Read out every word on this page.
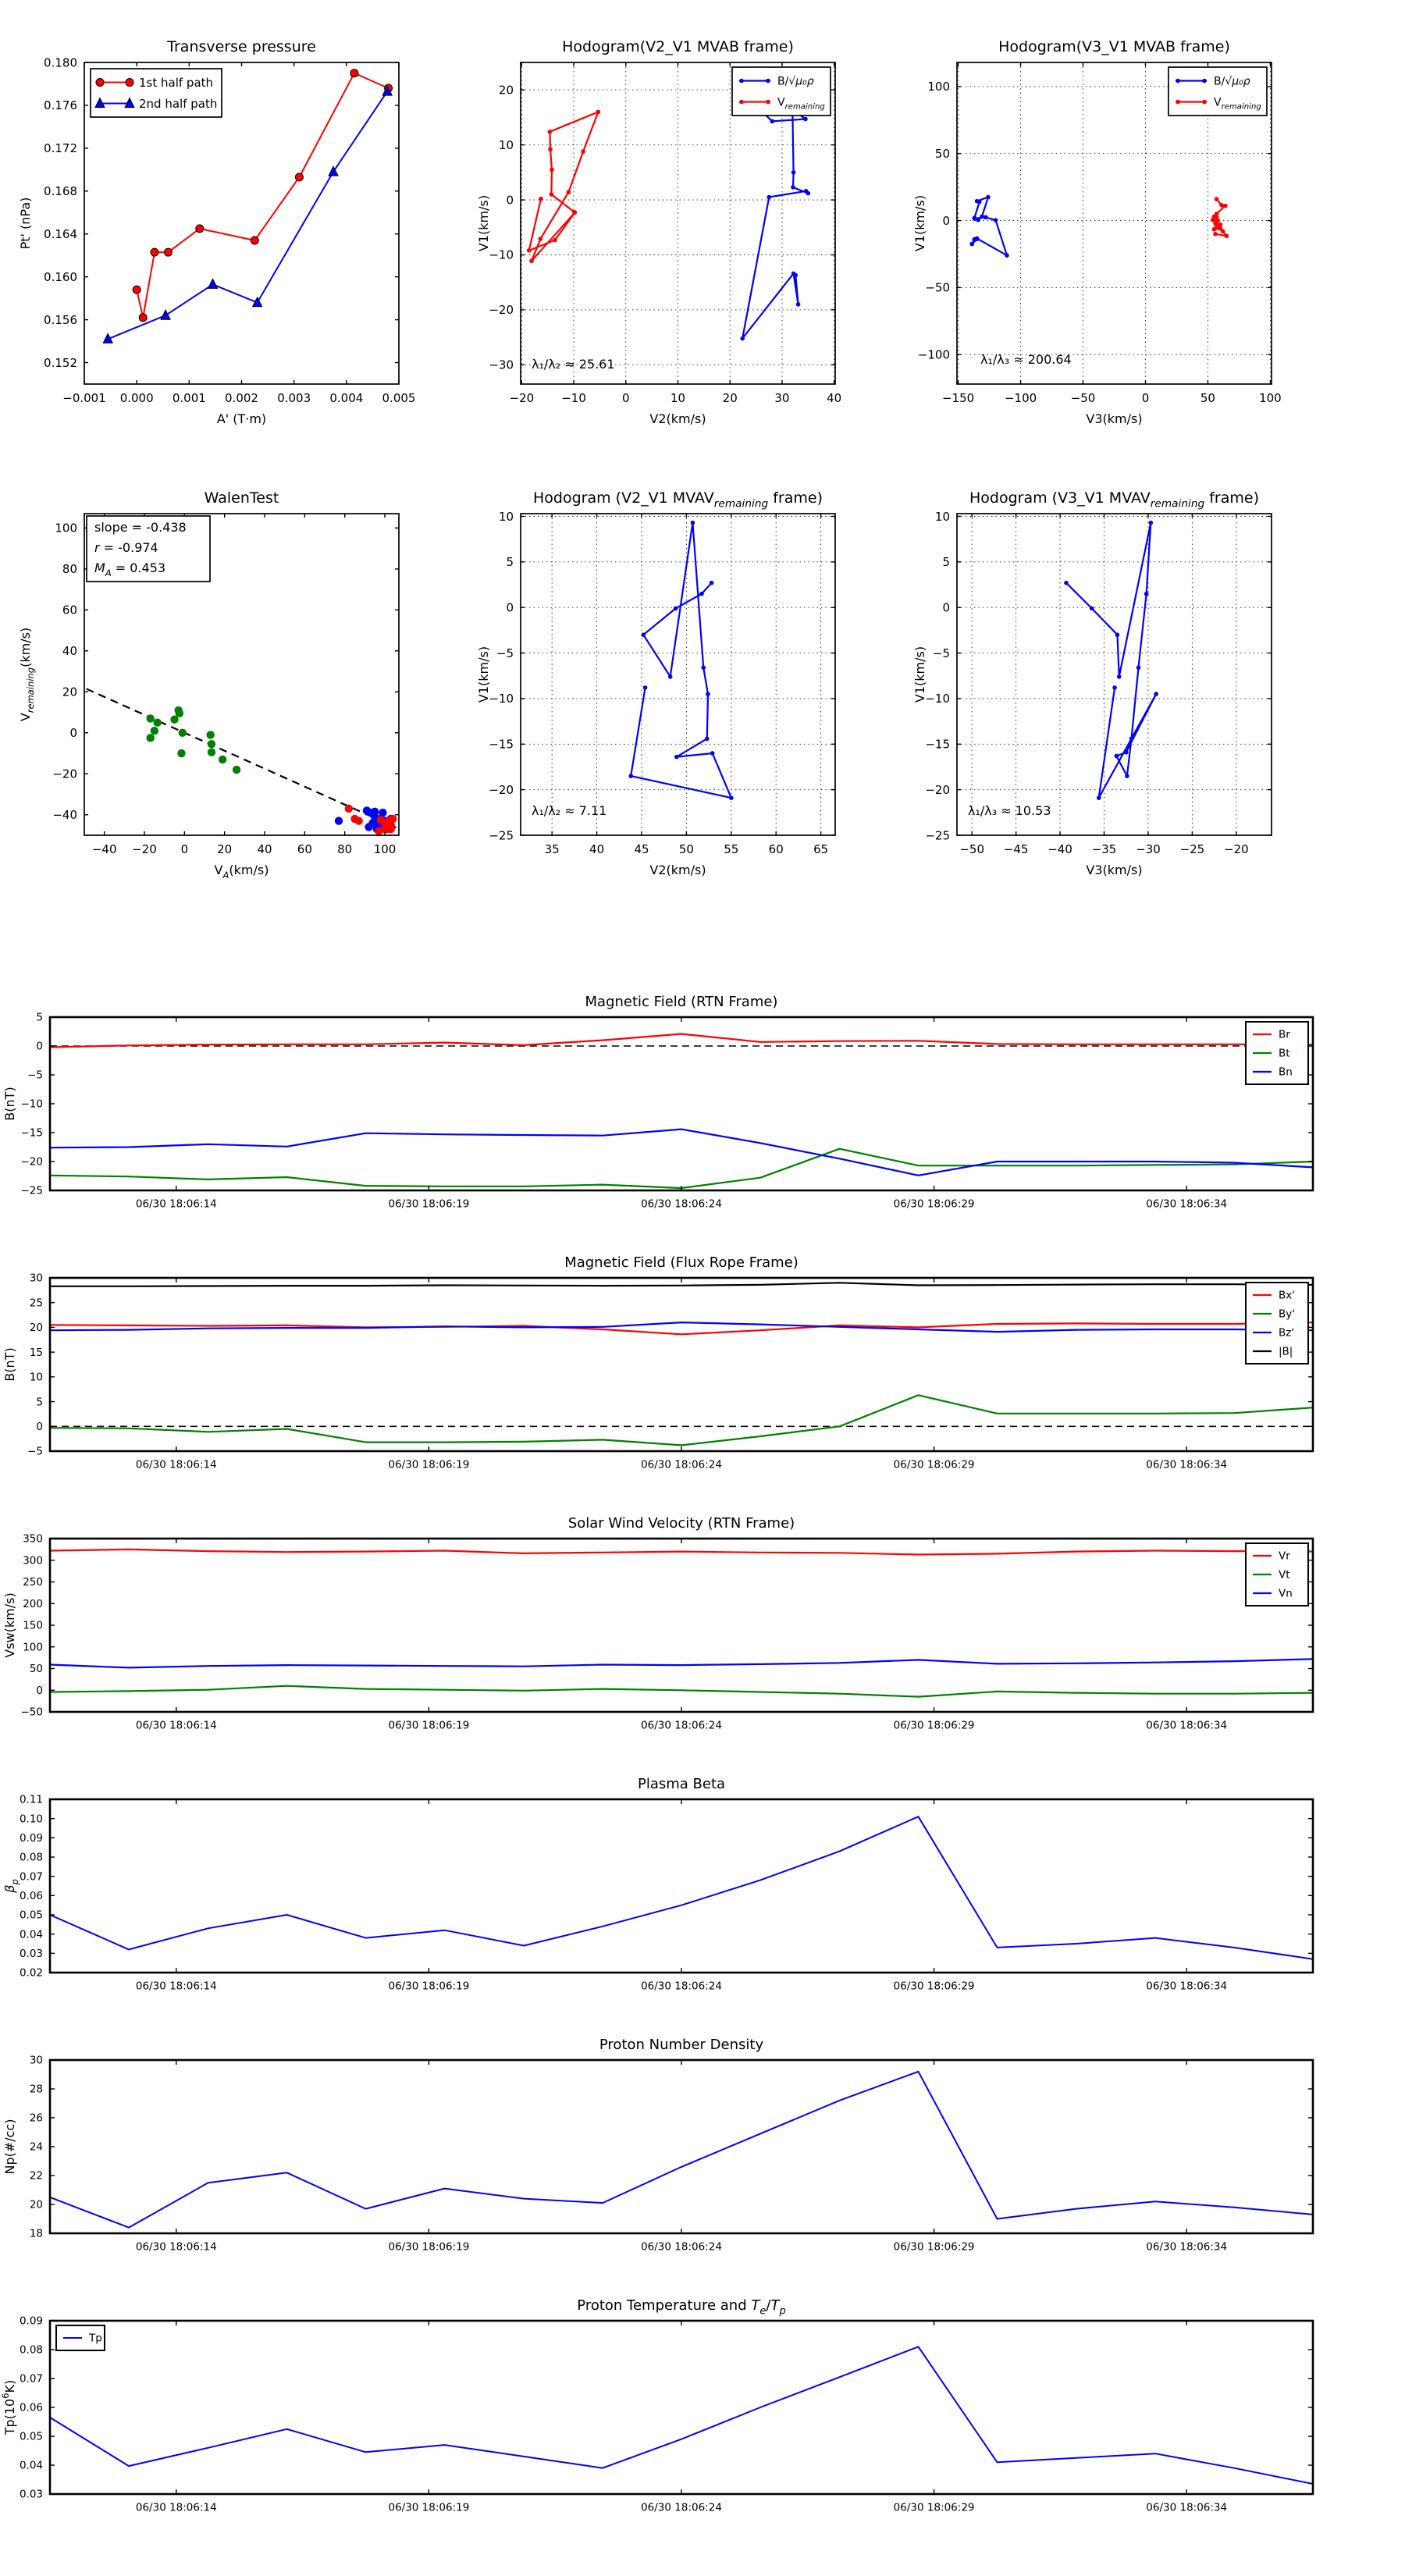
−0.001 0.000 0.001 0.002 0.003 0.004 0.005
0.152
0.156
0.160
0.164
0.168
0.172
0.176
0.180
Transverse pressure
A' (T·m)
Pt' (nPa)
1st half path
2nd half path
−20 −10	0	10	20	30	40
−30
−20
−10
0
10
20
Hodogram(V2_V1 MVAB frame)
V2(km/s)
V1(km/s)
B/√μ₀ρ
$V_{remaining}$
λ₁/λ₂ ≈ 25.61
−150	−100	−50	0	50	100
−100
−50
0
50
100
Hodogram(V3_V1 MVAB frame)
V3(km/s)
V1(km/s)
B/√μ₀ρ
$V_{remaining}$
λ₁/λ₃ ≈ 200.64
−40 −20 0 20 40 60 80 100
−40
−20
0
20
40
60
80
100
WalenTest
$V_A(km/s)$
$V_{remaining}(km/s)$
slope = -0.438
r = -0.974
$M_A = 0.453$
35	40	45	50	55	60	65
−25
−20
−15
−10
−5
0
5
10
Hodogram (V2_V1 $MVAV_{remaining}$ frame)
V2(km/s)
V1(km/s)
λ₁/λ₂ ≈ 7.11
−50 −45 −40 −35 −30 −25 −20
−25
−20
−15
−10
−5
0
5
10
Hodogram (V3_V1 $MVAV_{remaining}$ frame)
V3(km/s)
V1(km/s)
λ₁/λ₃ ≈ 10.53
06/30 18:06:14	06/30 18:06:19	06/30 18:06:24	06/30 18:06:29	06/30 18:06:34
−25
−20
−15
−10
−5
0
5
Magnetic Field (RTN Frame)
B(nT)
Br
Bt
Bn
06/30 18:06:14	06/30 18:06:19	06/30 18:06:24	06/30 18:06:29	06/30 18:06:34
−5
0
5
10
15
20
25
30
Magnetic Field (Flux Rope Frame)
B(nT)
Bx'
By'
Bz'
|B|
06/30 18:06:14	06/30 18:06:19	06/30 18:06:24	06/30 18:06:29	06/30 18:06:34
−50
0
50
100
150
200
250
300
350
Solar Wind Velocity (RTN Frame)
Vsw(km/s)
Vr
Vt
Vn
06/30 18:06:14	06/30 18:06:19	06/30 18:06:24	06/30 18:06:29	06/30 18:06:34
0.02
0.03
0.04
0.05
0.06
0.07
0.08
0.09
0.10
0.11
Plasma Beta
$\beta_p$
06/30 18:06:14	06/30 18:06:19	06/30 18:06:24	06/30 18:06:29	06/30 18:06:34
18
20
22
24
26
28
30
Proton Number Density
Np(#/cc)
06/30 18:06:14	06/30 18:06:19	06/30 18:06:24	06/30 18:06:29	06/30 18:06:34
0.03
0.04
0.05
0.06
0.07
0.08
0.09
Proton Temperature and $T_e/T_p$
$Tp(10^6K)$
Tp
